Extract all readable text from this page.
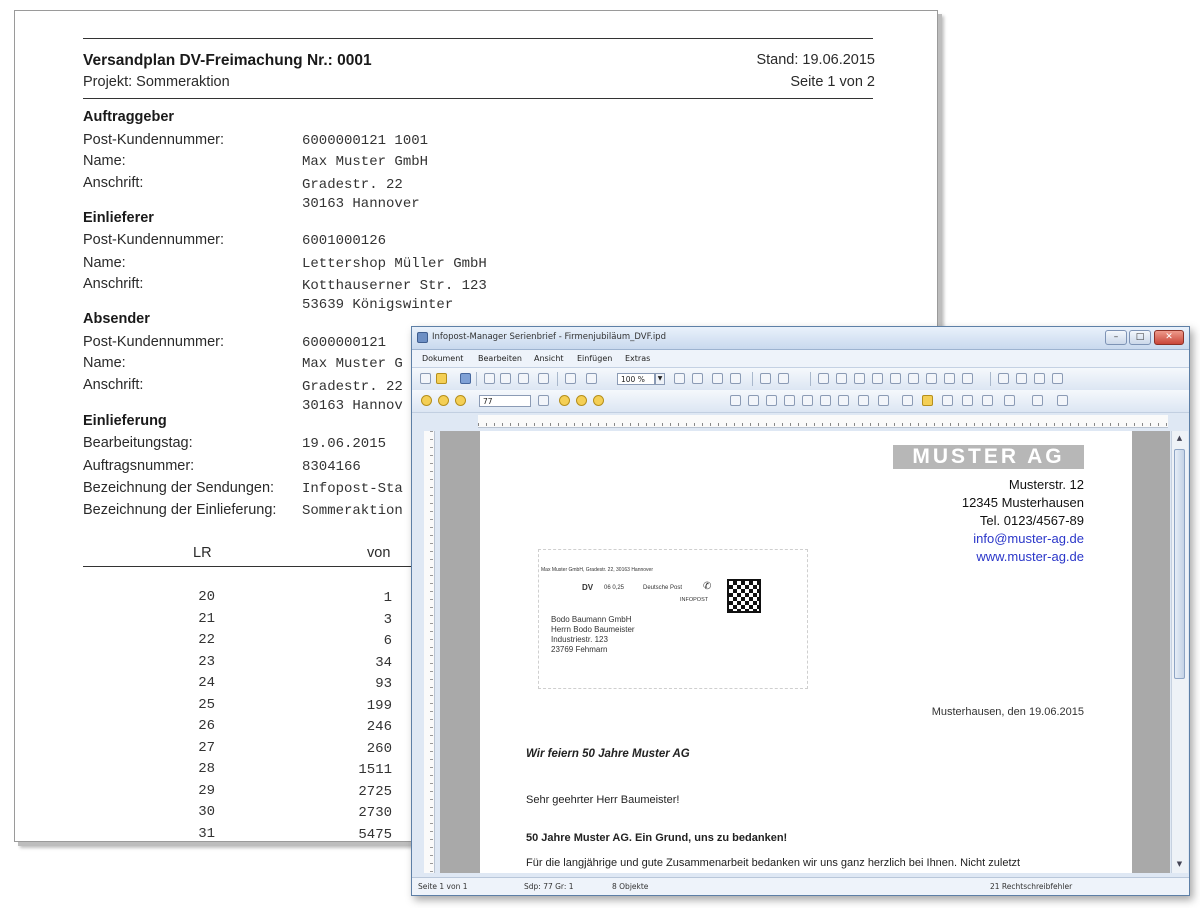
Versandplan DV-Freimachung Nr.: 0001
Projekt: Sommeraktion
Stand: 19.06.2015
Seite 1 von 2
Auftraggeber
Post-Kundennummer:	6000000121 1001
Name:	Max Muster GmbH
Anschrift:	Gradestr. 22
30163 Hannover
Einlieferer
Post-Kundennummer:	6001000126
Name:	Lettershop Müller GmbH
Anschrift:	Kotthauserner Str. 123
53639 Königswinter
Absender
Post-Kundennummer:	6000000121
Name:	Max Muster G
Anschrift:	Gradestr. 22
30163 Hannov
Einlieferung
Bearbeitungstag:	19.06.2015
Auftragsnummer:	8304166
Bezeichnung der Sendungen: Infopost-Sta
Bezeichnung der Einlieferung: Sommeraktion
LR	von
20	1
21	3
22	6
23	34
24	93
25	199
26	246
27	260
28	1511
29	2725
30	2730
31	5475
Infopost-Manager Serienbrief - Firmenjubiläum_DVF.ipd	–	□	✕
Dokument Bearbeiten Ansicht Einfügen Extras
100 %	▼
77
MUSTER AG
Musterstr. 12
12345 Musterhausen
Tel. 0123/4567-89
info@muster-ag.de
www.muster-ag.de
Max Muster GmbH, Gradestr. 22, 30163 Hannover
DV 06 0,25	Deutsche Post ✆
INFOPOST
Bodo Baumann GmbH
Herrn Bodo Baumeister
Industriestr. 123
23769 Fehmarn
Musterhausen, den 19.06.2015
Wir feiern 50 Jahre Muster AG
Sehr geehrter Herr Baumeister!
50 Jahre Muster AG. Ein Grund, uns zu bedanken!
Für die langjährige und gute Zusammenarbeit bedanken wir uns ganz herzlich bei Ihnen. Nicht zuletzt
▲
▼
Seite 1 von 1	Sdp: 77 Gr: 1	8 Objekte	21 Rechtschreibfehler
